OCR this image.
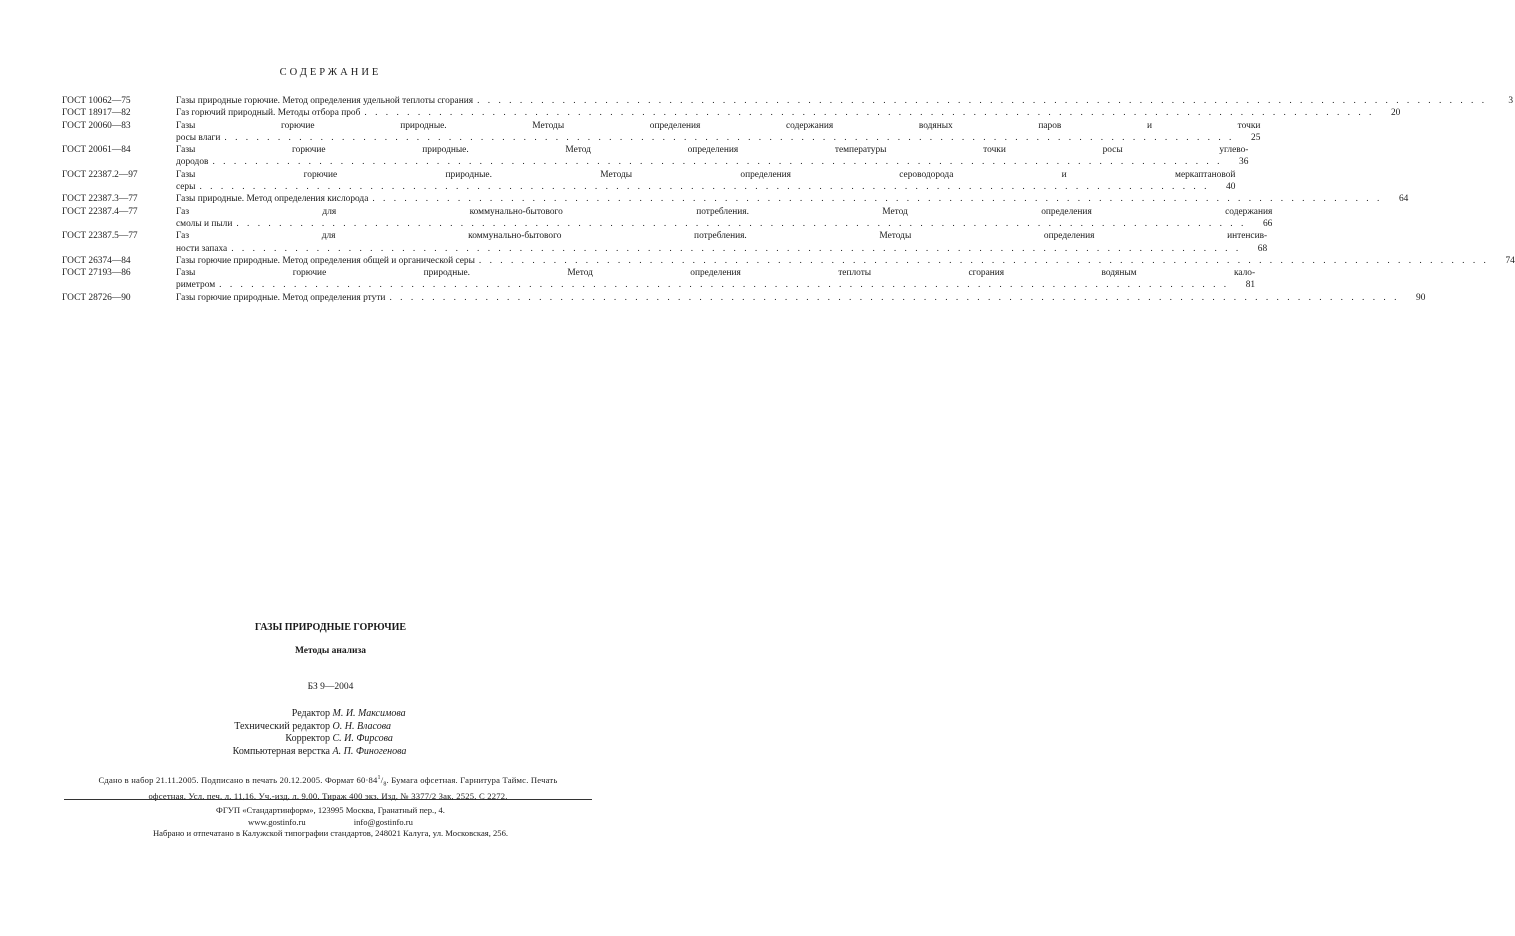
СОДЕРЖАНИЕ
ГОСТ 10062—75	Газы природные горючие. Метод определения удельной теплоты сгорания . . .	3
ГОСТ 18917—82	Газ горючий природный. Методы отбора проб . . .	20
ГОСТ 20060—83	Газы горючие природные. Методы определения содержания водяных паров и точки
росы влаги . . .	25
ГОСТ 20061—84	Газы горючие природные. Метод определения температуры точки росы углево-
дородов . . .	36
ГОСТ 22387.2—97	Газы горючие природные. Методы определения сероводорода и меркаптановой
серы . . .	40
ГОСТ 22387.3—77	Газы природные. Метод определения кислорода . . .	64
ГОСТ 22387.4—77	Газ для коммунально-бытового потребления. Метод определения содержания
смолы и пыли . . .	66
ГОСТ 22387.5—77	Газ для коммунально-бытового потребления. Методы определения интенсив-
ности запаха . . .	68
ГОСТ 26374—84	Газы горючие природные. Метод определения общей и органической серы . . .	74
ГОСТ 27193—86	Газы горючие природные. Метод определения теплоты сгорания водяным кало-
риметром . . .	81
ГОСТ 28726—90	Газы горючие природные. Метод определения ртути . . .	90
ГАЗЫ ПРИРОДНЫЕ ГОРЮЧИЕ
Методы анализа
БЗ 9—2004
Редактор М. И. Максимова
Технический редактор О. Н. Власова
Корректор С. И. Фирсова
Компьютерная верстка А. П. Финогенова
Сдано в набор 21.11.2005. Подписано в печать 20.12.2005. Формат $60\cdot 84^1/_8$. Бумага офсетная. Гарнитура Таймс. Печать
офсетная. Усл. печ. л. 11,16. Уч.-изд. л. 9,00. Тираж 400 экз. Изд. № 3377/2 Зак. 2525. С 2272.
ФГУП «Стандартинформ», 123995 Москва, Гранатный пер., 4.
www.gostinfo.ru	info@gostinfo.ru
Набрано и отпечатано в Калужской типографии стандартов, 248021 Калуга, ул. Московская, 256.
